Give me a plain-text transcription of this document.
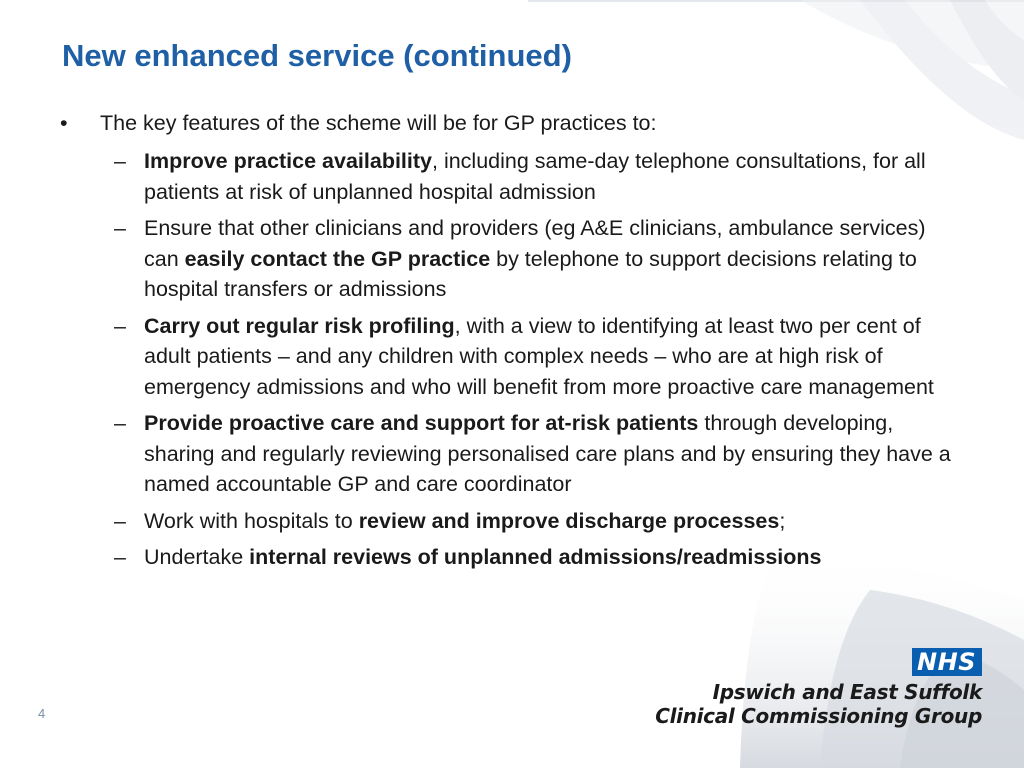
New enhanced service (continued)
•	The key features of the scheme will be for GP practices to:
– Improve practice availability, including same-day telephone consultations, for all patients at risk of unplanned hospital admission
– Ensure that other clinicians and providers (eg A&E clinicians, ambulance services) can easily contact the GP practice by telephone to support decisions relating to hospital transfers or admissions
– Carry out regular risk profiling, with a view to identifying at least two per cent of adult patients – and any children with complex needs – who are at high risk of emergency admissions and who will benefit from more proactive care management
– Provide proactive care and support for at-risk patients through developing, sharing and regularly reviewing personalised care plans and by ensuring they have a named accountable GP and care coordinator
– Work with hospitals to review and improve discharge processes;
– Undertake internal reviews of unplanned admissions/readmissions
4
NHS
Ipswich and East Suffolk
Clinical Commissioning Group
